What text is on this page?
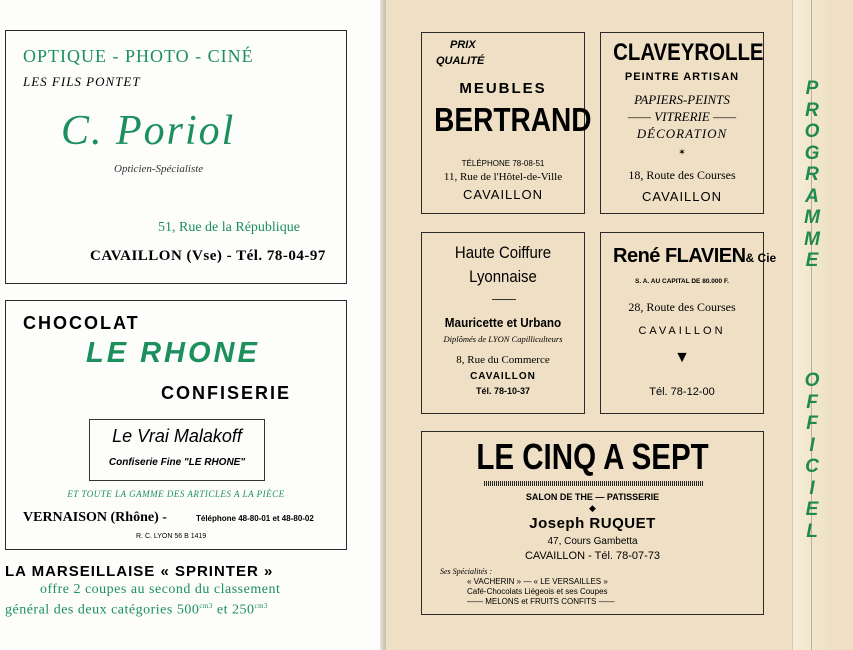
OPTIQUE - PHOTO - CINÉ
LES FILS PONTET
C. Poriol
Opticien-Spécialiste
51, Rue de la République
CAVAILLON (Vse) - Tél. 78-04-97
CHOCOLAT
LE RHONE
CONFISERIE
Le Vrai Malakoff
Confiserie Fine "LE RHONE"
ET TOUTE LA GAMME DES ARTICLES A LA PIÈCE
VERNAISON (Rhône) -	Téléphone 48-80-01 et 48-80-02
R. C. LYON 56 B 1419
LA MARSEILLAISE « SPRINTER »
offre 2 coupes au second du classement
général des deux catégories $500^{cm3}$ et $250^{cm3}$
PRIX
QUALITÉ
MEUBLES
BERTRAND
TÉLÉPHONE 78-08-51
11, Rue de l'Hôtel-de-Ville
CAVAILLON
CLAVEYROLLE
PEINTRE ARTISAN
PAPIERS-PEINTS
—— VITRERIE ——
DÉCORATION
✶
18, Route des Courses
CAVAILLON
Haute Coiffure
Lyonnaise
Mauricette et Urbano
Diplômés de LYON Capilliculteurs
8, Rue du Commerce
CAVAILLON
Tél. 78-10-37
René FLAVIEN& Cie
S. A. AU CAPITAL DE 80.000 F.
28, Route des Courses
CAVAILLON
▼
Tél. 78-12-00
LE CINQ A SEPT
SALON DE THE — PATISSERIE
◆
Joseph RUQUET
47, Cours Gambetta
CAVAILLON - Tél. 78-07-73
Ses Spécialités :
« VACHERIN » — « LE VERSAILLES »
Café-Chocolats Liégeois et ses Coupes
—— MELONS et FRUITS CONFITS ——
P
R
O
G
R
A
M
M
E
O
F
F
I
C
I
E
L
